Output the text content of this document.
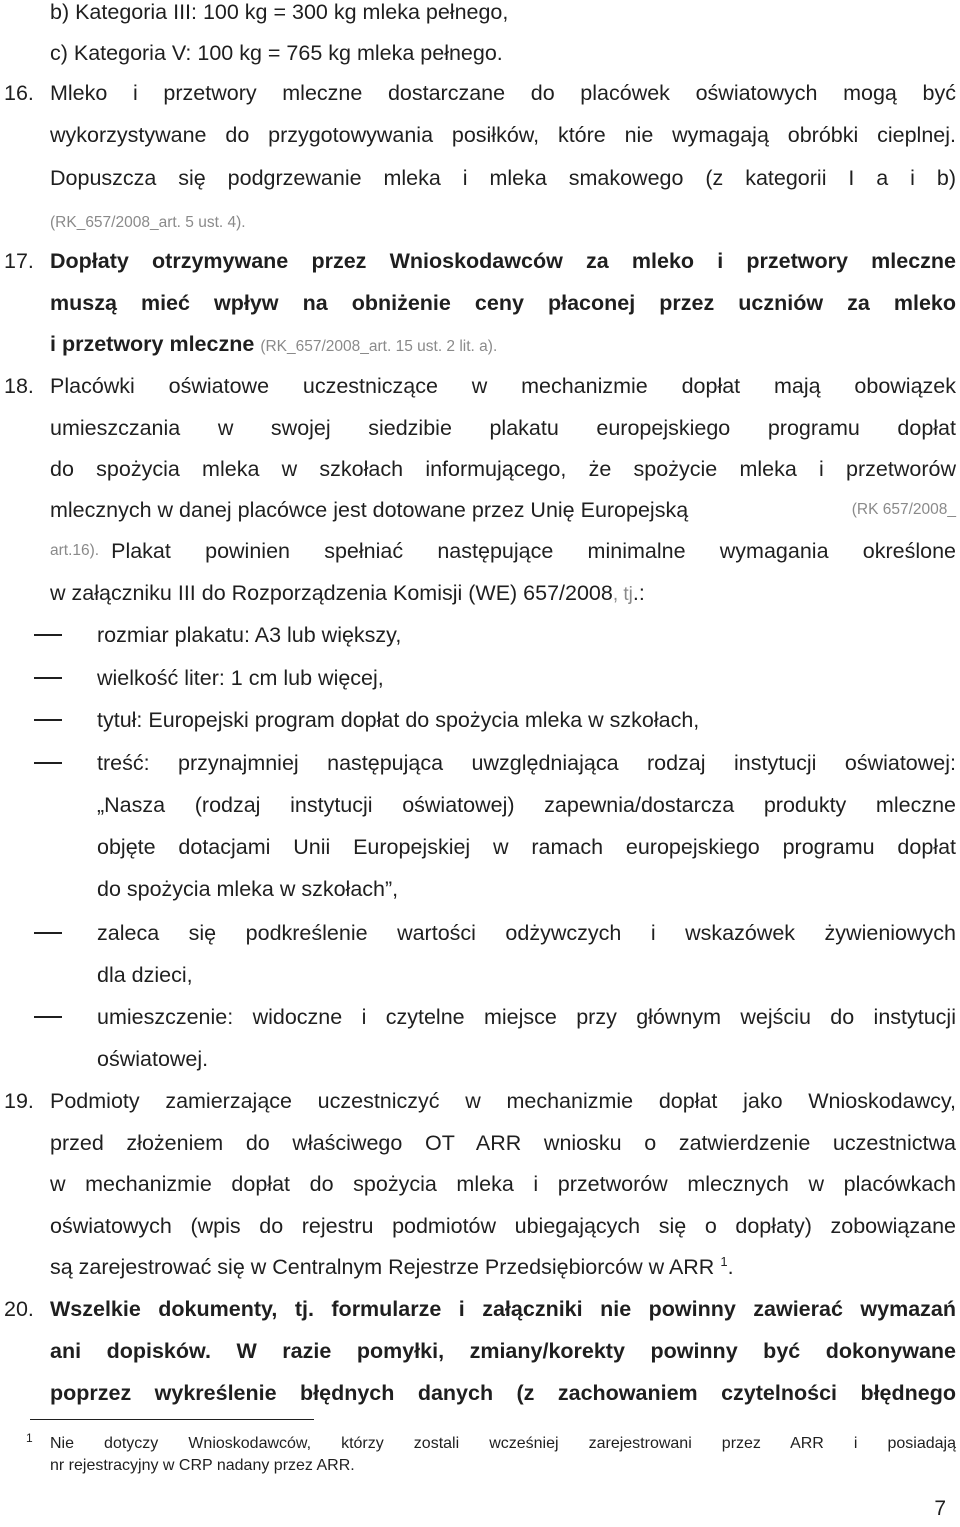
b) Kategoria III: 100 kg = 300 kg mleka pełnego,
c) Kategoria V: 100 kg = 765 kg mleka pełnego.
16. Mleko i przetwory mleczne dostarczane do placówek oświatowych mogą być
wykorzystywane do przygotowywania posiłków, które nie wymagają obróbki cieplnej.
Dopuszcza się podgrzewanie mleka i mleka smakowego (z kategorii I a i b)
(RK_657/2008_art. 5 ust. 4).
17. Dopłaty otrzymywane przez Wnioskodawców za mleko i przetwory mleczne
muszą mieć wpływ na obniżenie ceny płaconej przez uczniów za mleko
i przetwory mleczne (RK_657/2008_art. 15 ust. 2 lit. a).
18. Placówki oświatowe uczestniczące w mechanizmie dopłat mają obowiązek
umieszczania w swojej siedzibie plakatu europejskiego programu dopłat
do spożycia mleka w szkołach informującego, że spożycie mleka i przetworów
mlecznych w danej placówce jest dotowane przez Unię Europejską	(RK 657/2008_
art.16). Plakat powinien spełniać następujące minimalne wymagania określone
w załączniku III do Rozporządzenia Komisji (WE) 657/2008, tj.:
rozmiar plakatu: A3 lub większy,
wielkość liter: 1 cm lub więcej,
tytuł: Europejski program dopłat do spożycia mleka w szkołach,
treść: przynajmniej następująca uwzględniająca rodzaj instytucji oświatowej:
„Nasza (rodzaj instytucji oświatowej) zapewnia/dostarcza produkty mleczne
objęte dotacjami Unii Europejskiej w ramach europejskiego programu dopłat
do spożycia mleka w szkołach”,
zaleca się podkreślenie wartości odżywczych i wskazówek żywieniowych
dla dzieci,
umieszczenie: widoczne i czytelne miejsce przy głównym wejściu do instytucji
oświatowej.
19. Podmioty zamierzające uczestniczyć w mechanizmie dopłat jako Wnioskodawcy,
przed złożeniem do właściwego OT ARR wniosku o zatwierdzenie uczestnictwa
w mechanizmie dopłat do spożycia mleka i przetworów mlecznych w placówkach
oświatowych (wpis do rejestru podmiotów ubiegających się o dopłaty) zobowiązane
są zarejestrować się w Centralnym Rejestrze Przedsiębiorców w ARR $^1$.
20. Wszelkie dokumenty, tj. formularze i załączniki nie powinny zawierać wymazań
ani dopisków. W razie pomyłki, zmiany/korekty powinny być dokonywane
poprzez wykreślenie błędnych danych (z zachowaniem czytelności błędnego
1 Nie dotyczy Wnioskodawców, którzy zostali wcześniej zarejestrowani przez ARR i posiadają
nr rejestracyjny w CRP nadany przez ARR.
7
